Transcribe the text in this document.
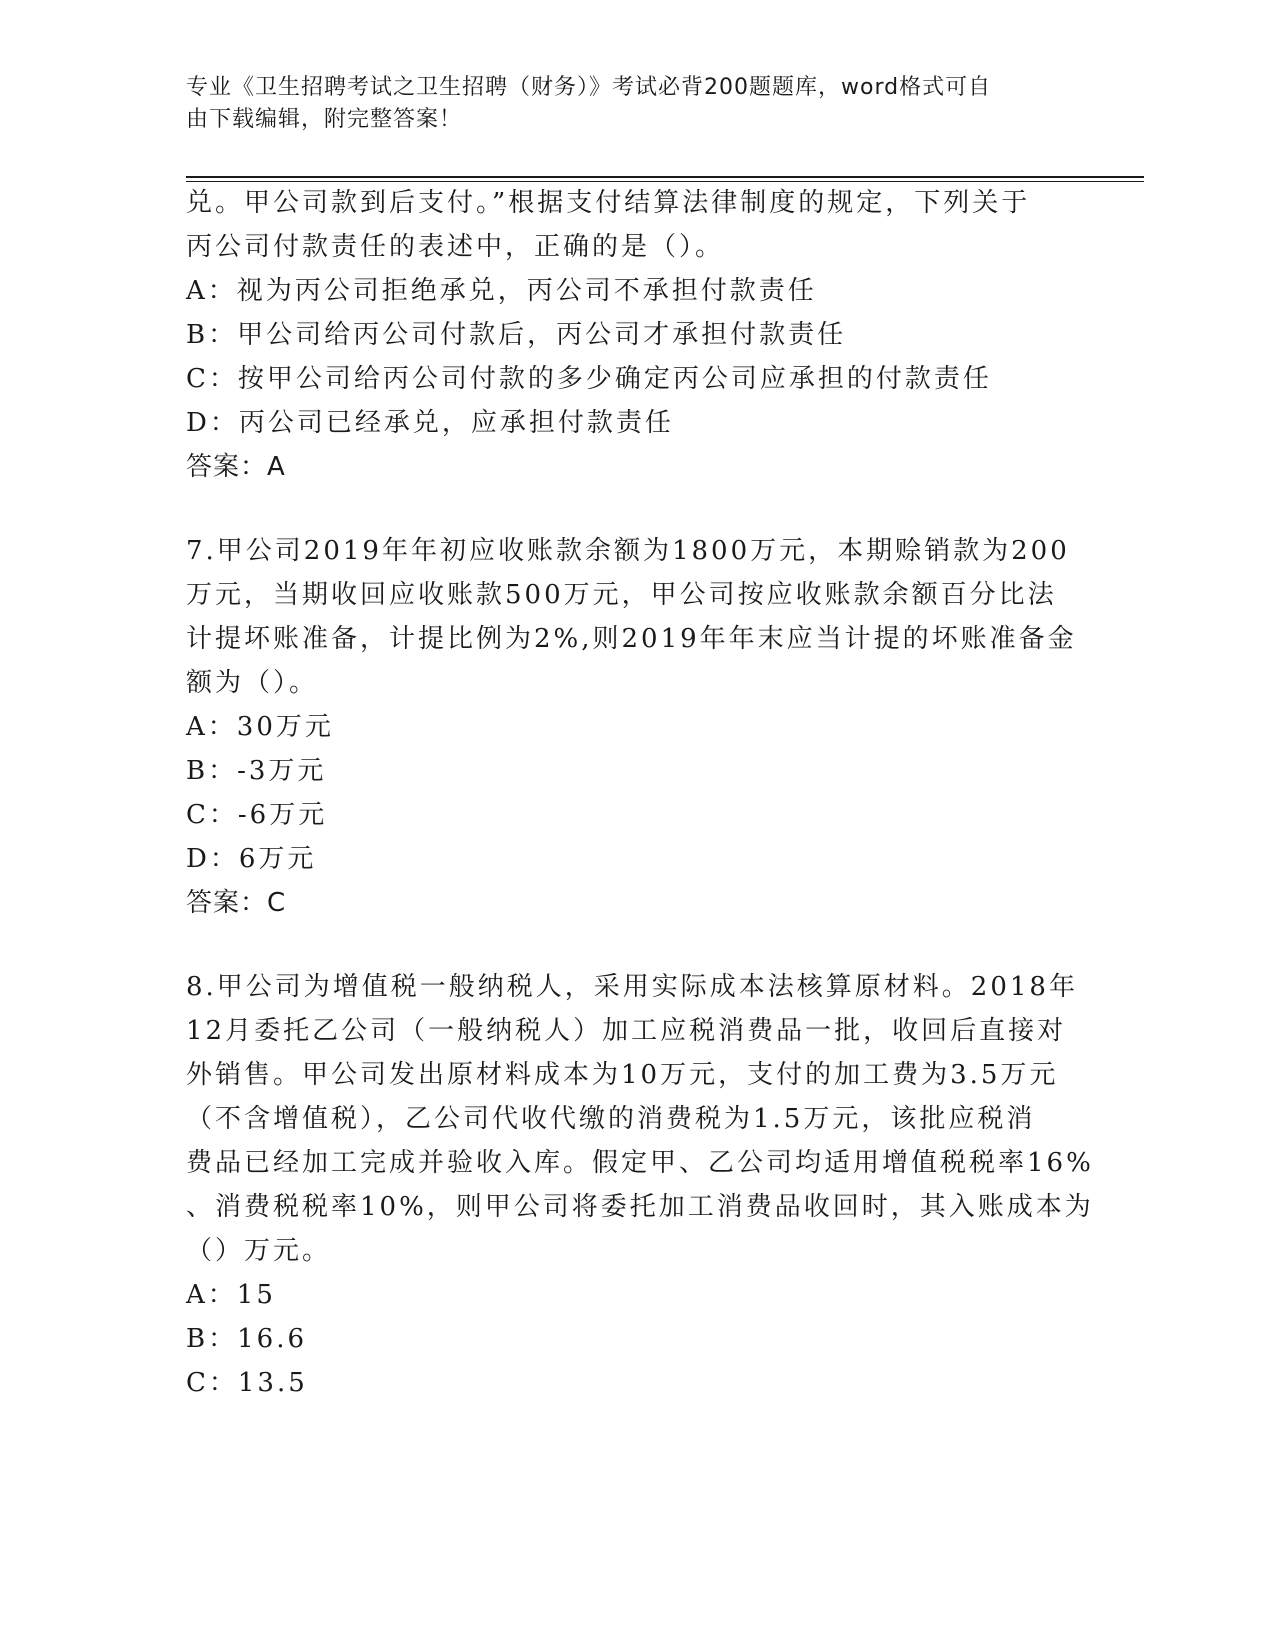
专业《卫生招聘考试之卫生招聘（财务）》考试必背200题题库，word格式可自
由下载编辑，附完整答案！
兑。甲公司款到后支付。”根据支付结算法律制度的规定，下列关于
丙公司付款责任的表述中，正确的是（）。
A：视为丙公司拒绝承兑，丙公司不承担付款责任
B：甲公司给丙公司付款后，丙公司才承担付款责任
C：按甲公司给丙公司付款的多少确定丙公司应承担的付款责任
D：丙公司已经承兑，应承担付款责任
答案：A
7.甲公司2019年年初应收账款余额为1800万元，本期赊销款为200
万元，当期收回应收账款500万元，甲公司按应收账款余额百分比法
计提坏账准备，计提比例为2%,则2019年年末应当计提的坏账准备金
额为（）。
A：30万元
B：-3万元
C：-6万元
D：6万元
答案：C
8.甲公司为增值税一般纳税人，采用实际成本法核算原材料。2018年
12月委托乙公司（一般纳税人）加工应税消费品一批，收回后直接对
外销售。甲公司发出原材料成本为10万元，支付的加工费为3.5万元
（不含增值税），乙公司代收代缴的消费税为1.5万元，该批应税消
费品已经加工完成并验收入库。假定甲、乙公司均适用增值税税率16%
、消费税税率10%，则甲公司将委托加工消费品收回时，其入账成本为
（）万元。
A：15
B：16.6
C：13.5
